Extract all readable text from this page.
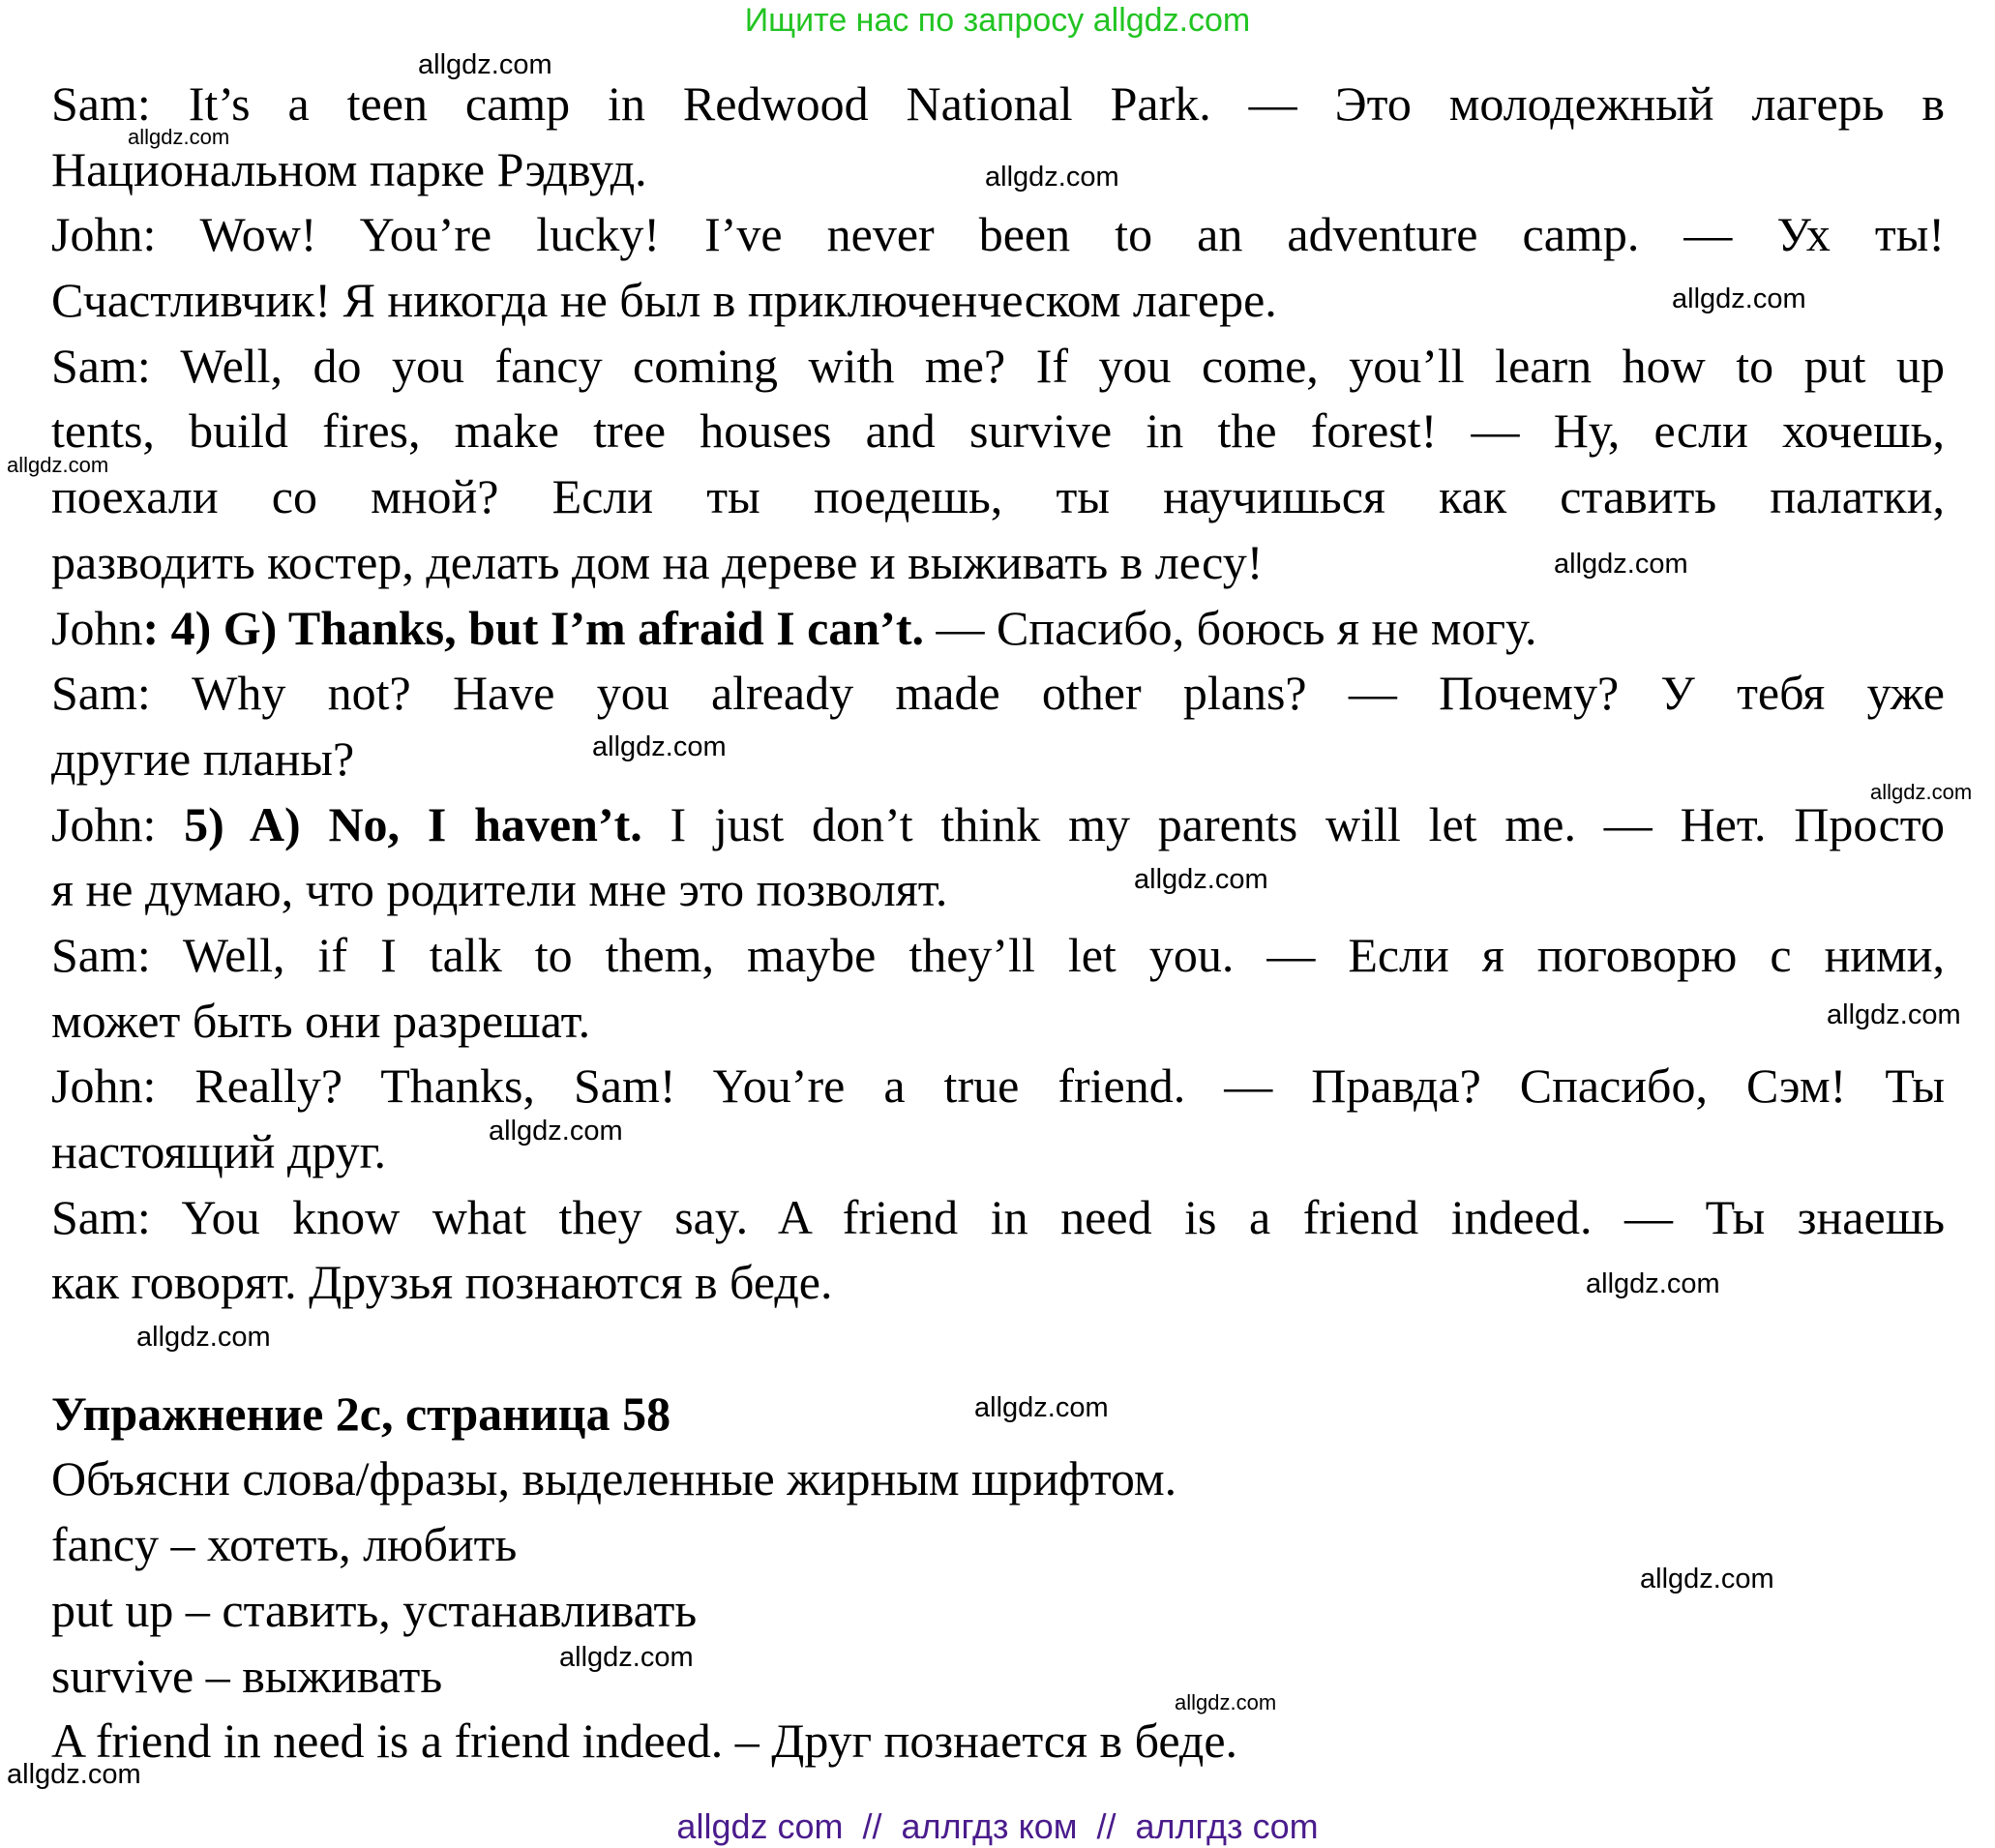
Ищите нас по запросу allgdz.com
Sam: It’s a teen camp in Redwood National Park. — Это молодежный лагерь в
Национальном парке Рэдвуд.
John: Wow! You’re lucky! I’ve never been to an adventure camp. — Ух ты!
Счастливчик! Я никогда не был в приключенческом лагере.
Sam: Well, do you fancy coming with me? If you come, you’ll learn how to put up
tents, build fires, make tree houses and survive in the forest! — Ну, если хочешь,
поехали со мной? Если ты поедешь, ты научишься как ставить палатки,
разводить костер, делать дом на дереве и выживать в лесу!
John: 4) G) Thanks, but I’m afraid I can’t. — Спасибо, боюсь я не могу.
Sam: Why not? Have you already made other plans? — Почему? У тебя уже
другие планы?
John: 5) A) No, I haven’t. I just don’t think my parents will let me. — Нет. Просто
я не думаю, что родители мне это позволят.
Sam: Well, if I talk to them, maybe they’ll let you. — Если я поговорю с ними,
может быть они разрешат.
John: Really? Thanks, Sam! You’re a true friend. — Правда? Спасибо, Сэм! Ты
настоящий друг.
Sam: You know what they say. A friend in need is a friend indeed. — Ты знаешь
как говорят. Друзья познаются в беде.
Упражнение 2c, страница 58
Объясни слова/фразы, выделенные жирным шрифтом.
fancy – хотеть, любить
put up – ставить, устанавливать
survive – выживать
A friend in need is a friend indeed. – Друг познается в беде.
allgdz.com
allgdz.com
allgdz.com
allgdz.com
allgdz.com
allgdz.com
allgdz.com
allgdz.com
allgdz.com
allgdz.com
allgdz.com
allgdz.com
allgdz.com
allgdz.com
allgdz.com
allgdz.com
allgdz.com
allgdz.com
allgdz com  //  аллгдз ком  //  аллгдз com
